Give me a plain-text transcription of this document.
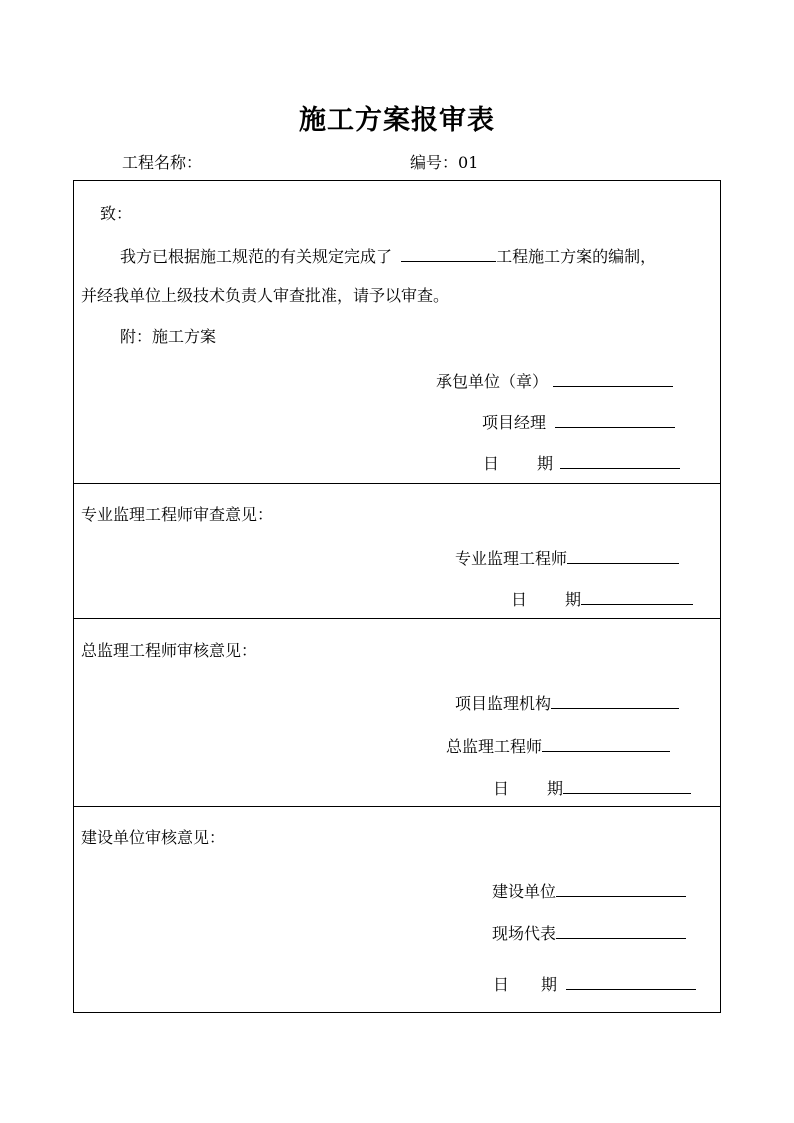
施工方案报审表
工程名称：	编号：01
致：
我方已根据施工规范的有关规定完成了	工程施工方案的编制，
并经我单位上级技术负责人审查批准，请予以审查。
附：施工方案
承包单位（章）
项目经理
日 期
专业监理工程师审查意见：
专业监理工程师
日 期
总监理工程师审核意见：
项目监理机构
总监理工程师
日 期
建设单位审核意见：
建设单位
现场代表
日 期
